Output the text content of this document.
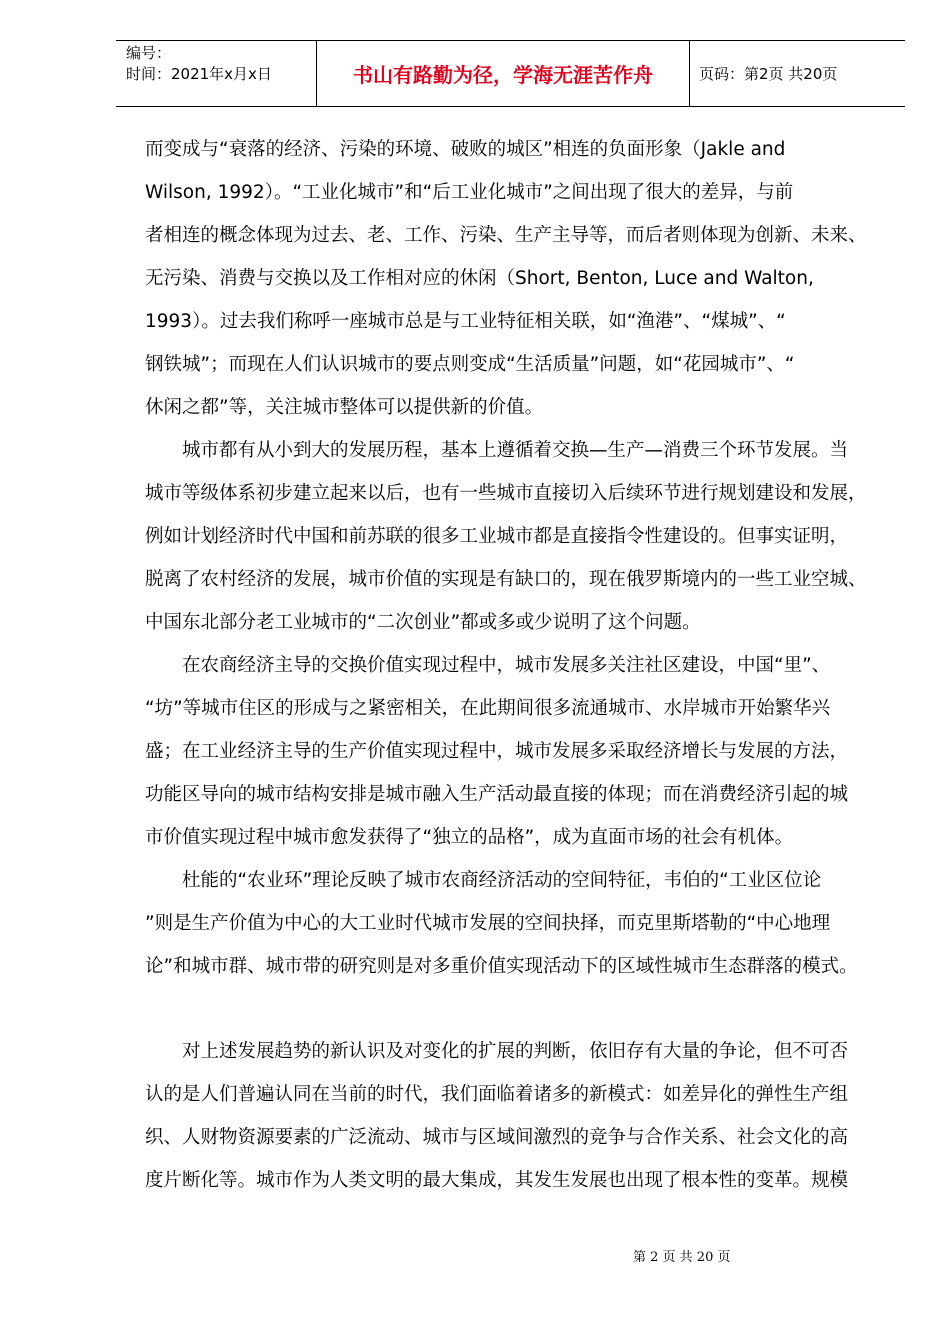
编号：
时间：2021年x月x日	书山有路勤为径，学海无涯苦作舟	页码：第2页 共20页

而变成与“衰落的经济、污染的环境、破败的城区”相连的负面形象（Jakle and
Wilson, 1992）。“工业化城市”和“后工业化城市”之间出现了很大的差异，与前
者相连的概念体现为过去、老、工作、污染、生产主导等，而后者则体现为创新、未来、
无污染、消费与交换以及工作相对应的休闲（Short, Benton, Luce and Walton,
1993）。过去我们称呼一座城市总是与工业特征相关联，如“渔港”、“煤城”、“
钢铁城”；而现在人们认识城市的要点则变成“生活质量”问题，如“花园城市”、“
休闲之都”等，关注城市整体可以提供新的价值。

　　城市都有从小到大的发展历程，基本上遵循着交换—生产—消费三个环节发展。当
城市等级体系初步建立起来以后，也有一些城市直接切入后续环节进行规划建设和发展，
例如计划经济时代中国和前苏联的很多工业城市都是直接指令性建设的。但事实证明，
脱离了农村经济的发展，城市价值的实现是有缺口的，现在俄罗斯境内的一些工业空城、
中国东北部分老工业城市的“二次创业”都或多或少说明了这个问题。

　　在农商经济主导的交换价值实现过程中，城市发展多关注社区建设，中国“里”、
“坊”等城市住区的形成与之紧密相关，在此期间很多流通城市、水岸城市开始繁华兴
盛；在工业经济主导的生产价值实现过程中，城市发展多采取经济增长与发展的方法，
功能区导向的城市结构安排是城市融入生产活动最直接的体现；而在消费经济引起的城
市价值实现过程中城市愈发获得了“独立的品格”，成为直面市场的社会有机体。

　　杜能的“农业环”理论反映了城市农商经济活动的空间特征，韦伯的“工业区位论
”则是生产价值为中心的大工业时代城市发展的空间抉择，而克里斯塔勒的“中心地理
论”和城市群、城市带的研究则是对多重价值实现活动下的区域性城市生态群落的模式。

　　对上述发展趋势的新认识及对变化的扩展的判断，依旧存有大量的争论，但不可否
认的是人们普遍认同在当前的时代，我们面临着诸多的新模式：如差异化的弹性生产组
织、人财物资源要素的广泛流动、城市与区域间激烈的竞争与合作关系、社会文化的高
度片断化等。城市作为人类文明的最大集成，其发生发展也出现了根本性的变革。规模

第 2 页 共 20 页
